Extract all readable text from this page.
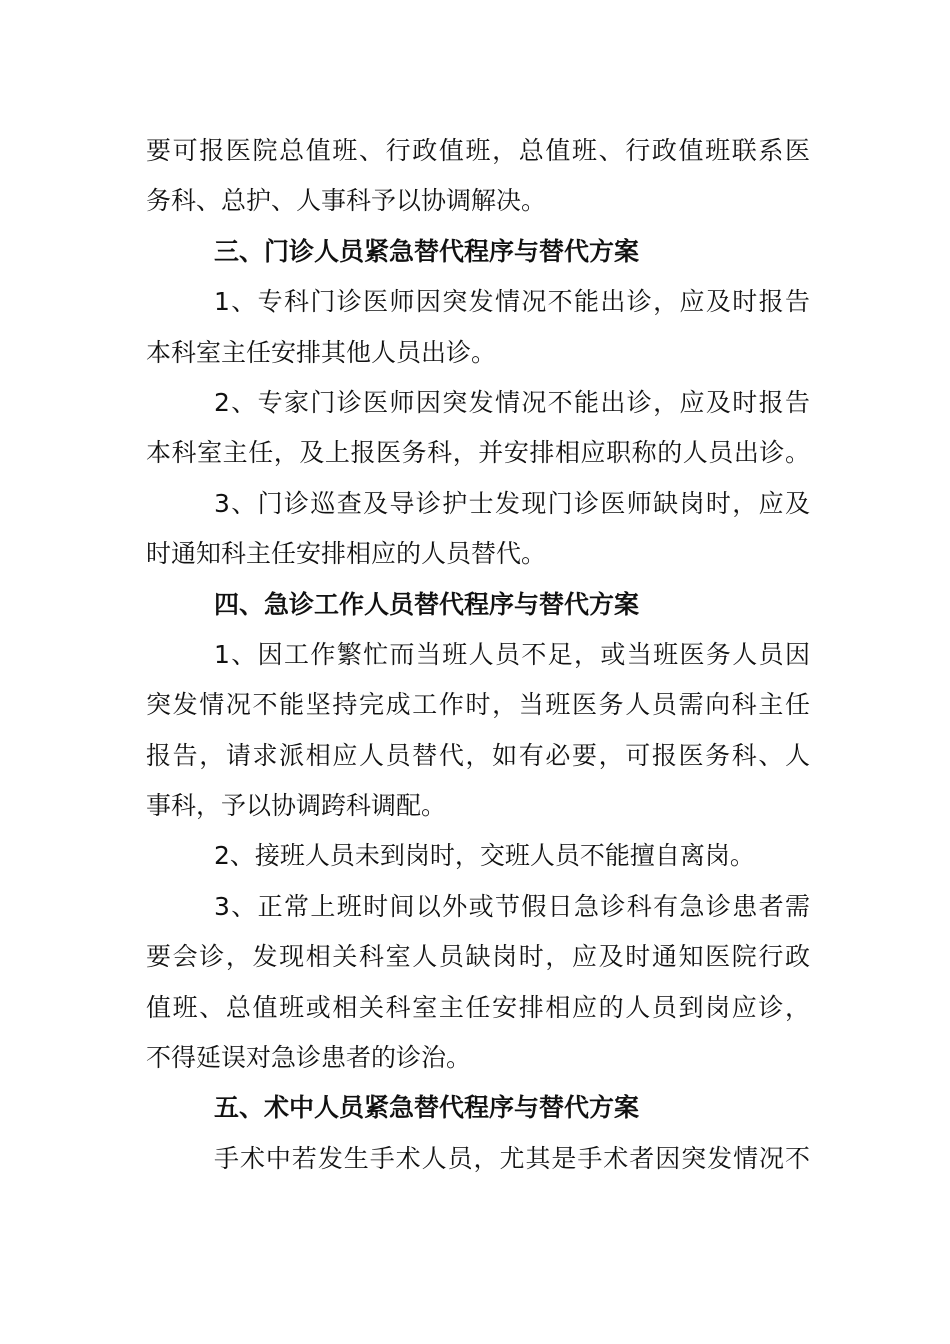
要可报医院总值班、行政值班，总值班、行政值班联系医
务科、总护、人事科予以协调解决。
三、门诊人员紧急替代程序与替代方案
1、专科门诊医师因突发情况不能出诊，应及时报告
本科室主任安排其他人员出诊。
2、专家门诊医师因突发情况不能出诊，应及时报告
本科室主任，及上报医务科，并安排相应职称的人员出诊。
3、门诊巡查及导诊护士发现门诊医师缺岗时，应及
时通知科主任安排相应的人员替代。
四、急诊工作人员替代程序与替代方案
1、因工作繁忙而当班人员不足，或当班医务人员因
突发情况不能坚持完成工作时，当班医务人员需向科主任
报告，请求派相应人员替代，如有必要，可报医务科、人
事科，予以协调跨科调配。
2、接班人员未到岗时，交班人员不能擅自离岗。
3、正常上班时间以外或节假日急诊科有急诊患者需
要会诊，发现相关科室人员缺岗时，应及时通知医院行政
值班、总值班或相关科室主任安排相应的人员到岗应诊，
不得延误对急诊患者的诊治。
五、术中人员紧急替代程序与替代方案
手术中若发生手术人员，尤其是手术者因突发情况不
